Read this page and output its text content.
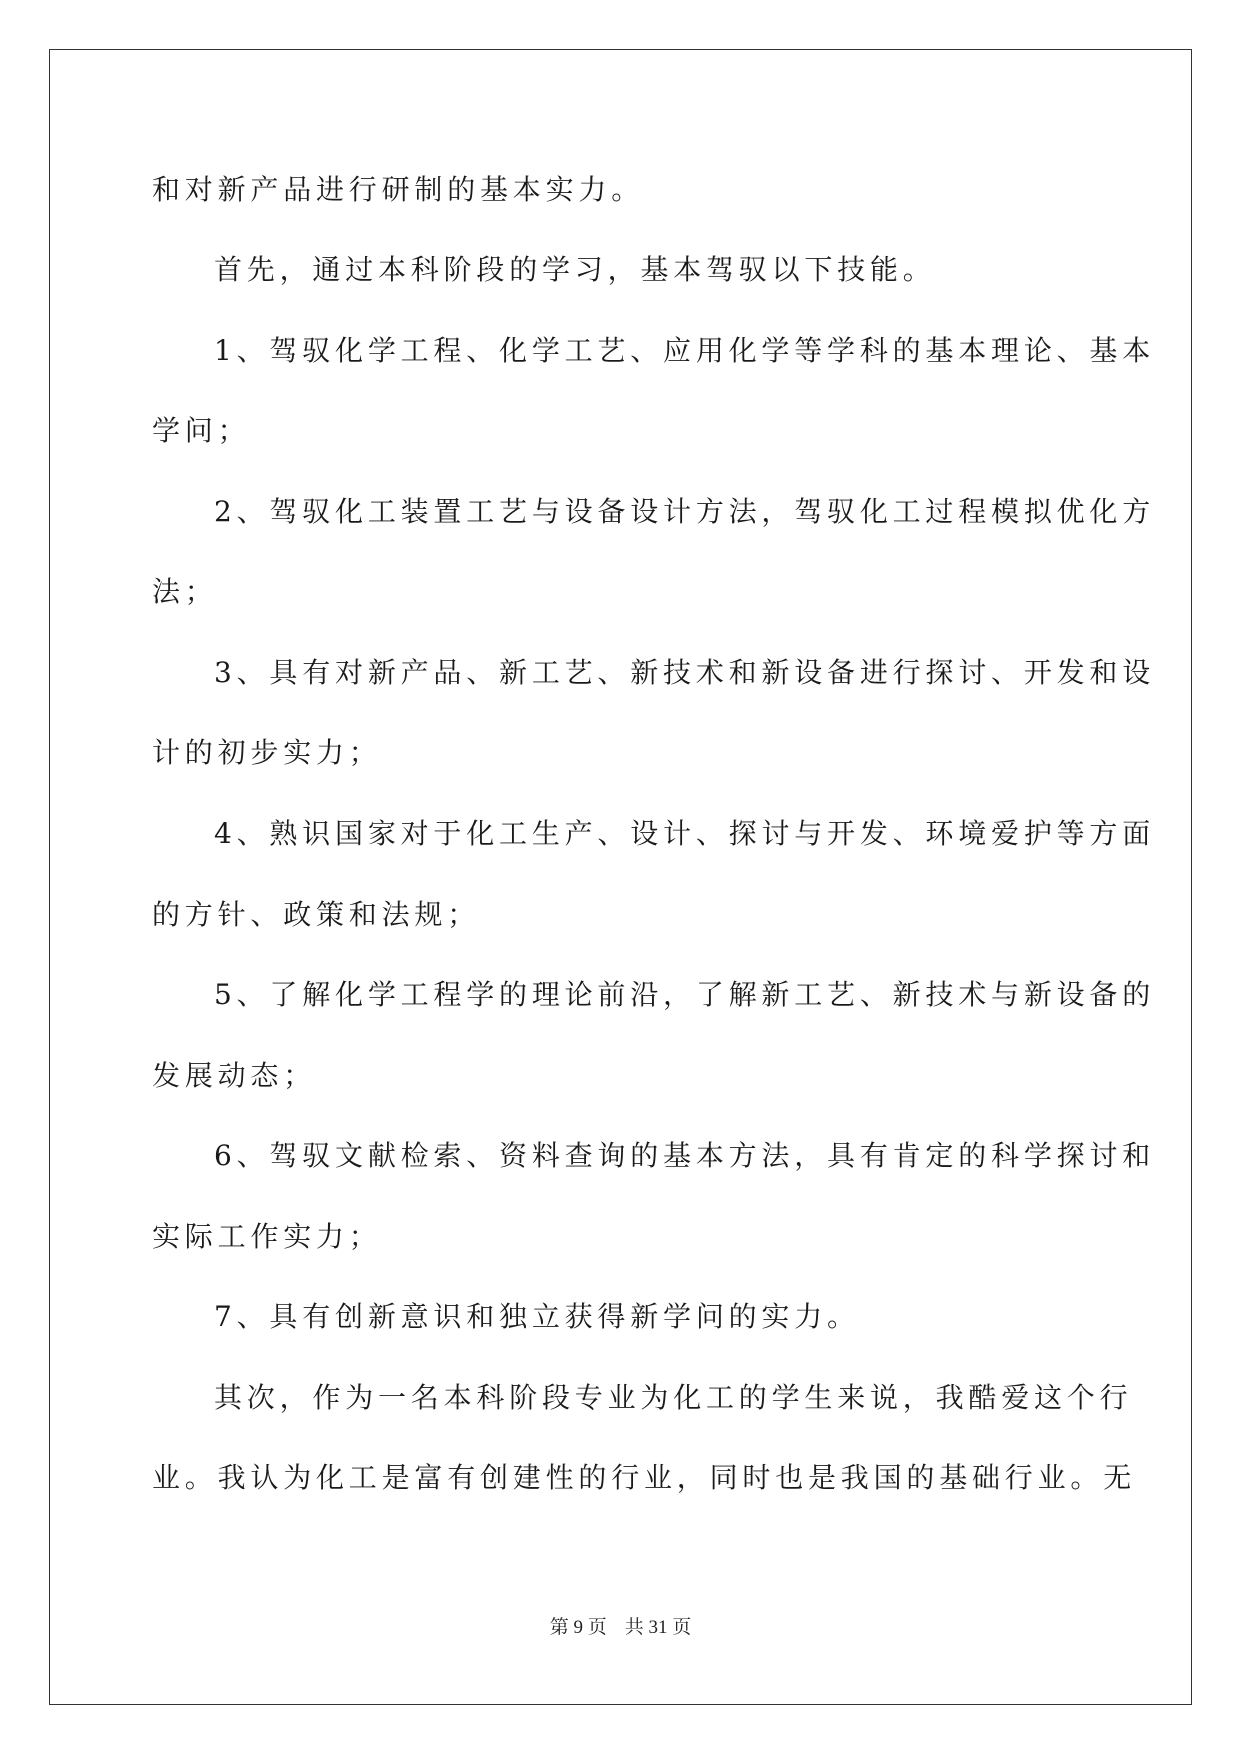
和对新产品进行研制的基本实力。
首先，通过本科阶段的学习，基本驾驭以下技能。
1、驾驭化学工程、化学工艺、应用化学等学科的基本理论、基本
学问；
2、驾驭化工装置工艺与设备设计方法，驾驭化工过程模拟优化方
法；
3、具有对新产品、新工艺、新技术和新设备进行探讨、开发和设
计的初步实力；
4、熟识国家对于化工生产、设计、探讨与开发、环境爱护等方面
的方针、政策和法规；
5、了解化学工程学的理论前沿，了解新工艺、新技术与新设备的
发展动态；
6、驾驭文献检索、资料查询的基本方法，具有肯定的科学探讨和
实际工作实力；
7、具有创新意识和独立获得新学问的实力。
其次，作为一名本科阶段专业为化工的学生来说，我酷爱这个行
业。我认为化工是富有创建性的行业，同时也是我国的基础行业。无
第 9 页 共 31 页
